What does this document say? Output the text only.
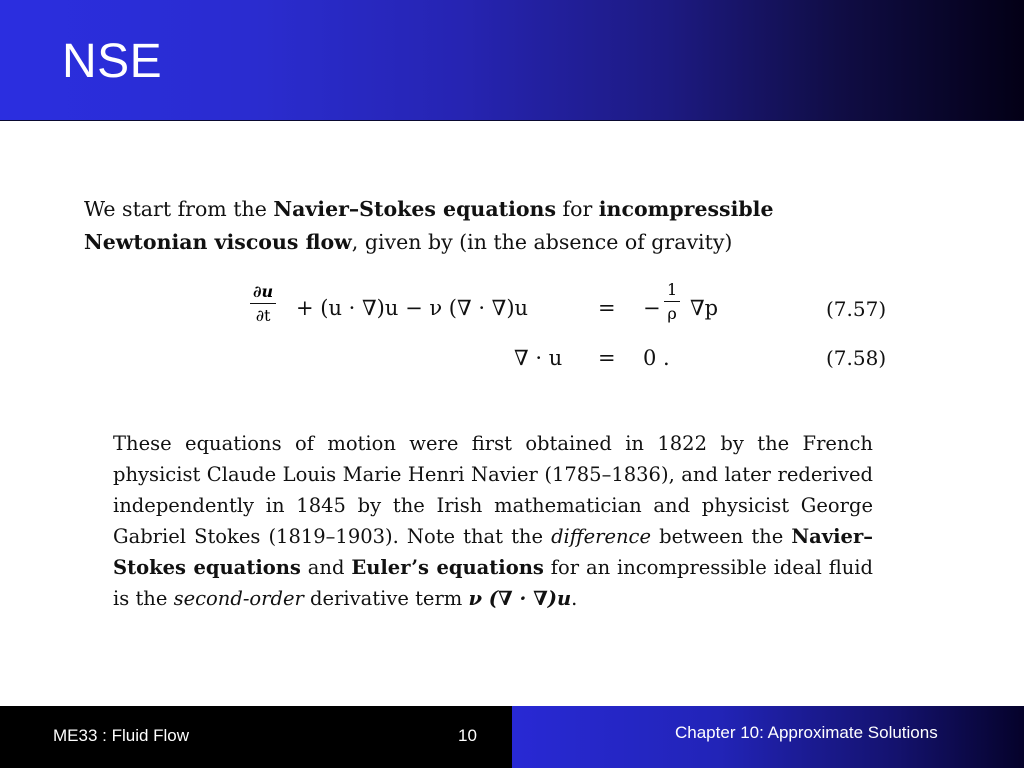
NSE

We start from the Navier–Stokes equations for incompressible Newtonian viscous flow, given by (in the absence of gravity)

$\frac{\partial u}{\partial t} + (u \cdot \nabla)u - \nu$ (∇ · ∇)u	= − $\frac{1}{\rho} \nabla p$	(7.57)
∇ · u = 0 .	(7.58)

These equations of motion were first obtained in 1822 by the French physicist Claude Louis Marie Henri Navier (1785–1836), and later rederived independently in 1845 by the Irish mathematician and physicist George Gabriel Stokes (1819–1903). Note that the difference between the Navier–Stokes equations and Euler’s equations for an incompressible ideal fluid is the second-order derivative term ν (∇ · ∇)u.

ME33 : Fluid Flow	10	Chapter 10: Approximate Solutions
